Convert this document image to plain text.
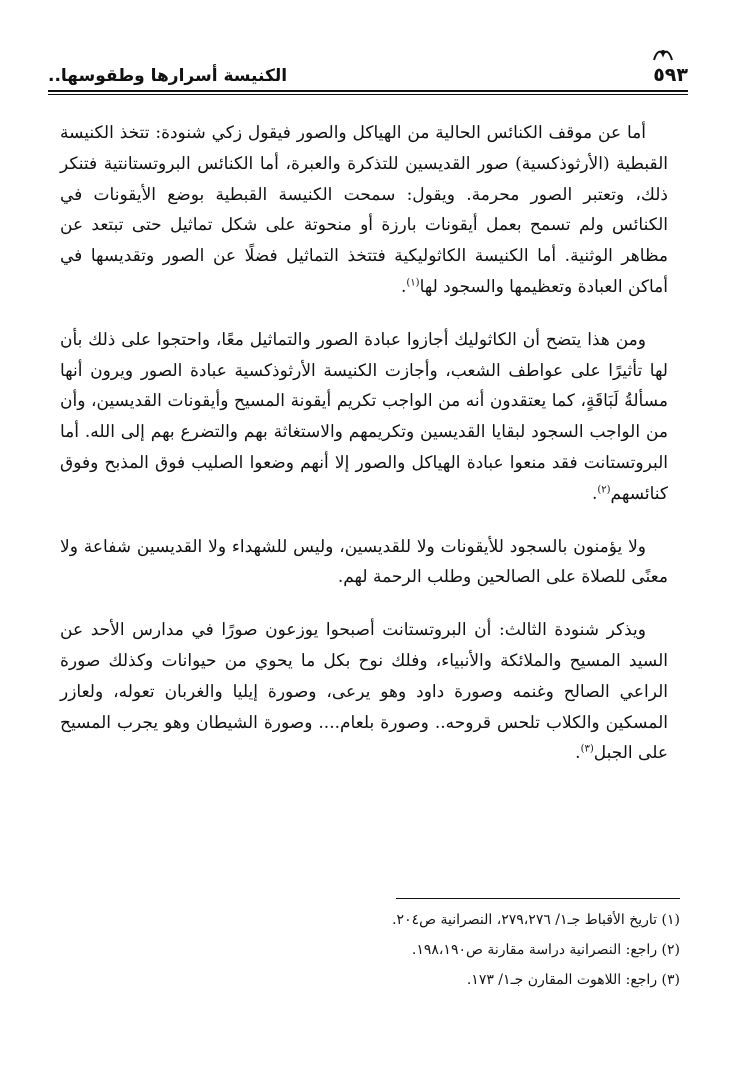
٥٩٣
الكنيسة أسرارها وطقوسها..

أما عن موقف الكنائس الحالية من الهياكل والصور فيقول زكي شنودة: تتخذ الكنيسة القبطية (الأرثوذكسية) صور القديسين للتذكرة والعبرة، أما الكنائس البروتستانتية فتنكر ذلك، وتعتبر الصور محرمة. ويقول: سمحت الكنيسة القبطية بوضع الأيقونات في الكنائس ولم تسمح بعمل أيقونات بارزة أو منحوتة على شكل تماثيل حتى تبتعد عن مظاهر الوثنية. أما الكنيسة الكاثوليكية فتتخذ التماثيل فضلًا عن الصور وتقديسها في أماكن العبادة وتعظيمها والسجود لها$^{(١)}$.

ومن هذا يتضح أن الكاثوليك أجازوا عبادة الصور والتماثيل معًا، واحتجوا على ذلك بأن لها تأثيرًا على عواطف الشعب، وأجازت الكنيسة الأرثوذكسية عبادة الصور ويرون أنها مسألةُ لَبَاقَةٍ، كما يعتقدون أنه من الواجب تكريم أيقونة المسيح وأيقونات القديسين، وأن من الواجب السجود لبقايا القديسين وتكريمهم والاستغاثة بهم والتضرع بهم إلى الله. أما البروتستانت فقد منعوا عبادة الهياكل والصور إلا أنهم وضعوا الصليب فوق المذبح وفوق كنائسهم$^{(٢)}$.

ولا يؤمنون بالسجود للأيقونات ولا للقديسين، وليس للشهداء ولا القديسين شفاعة ولا معنًى للصلاة على الصالحين وطلب الرحمة لهم.

ويذكر شنودة الثالث: أن البروتستانت أصبحوا يوزعون صورًا في مدارس الأحد عن السيد المسيح والملائكة والأنبياء، وفلك نوح بكل ما يحوي من حيوانات وكذلك صورة الراعي الصالح وغنمه وصورة داود وهو يرعى، وصورة إيليا والغربان تعوله، ولعازر المسكين والكلاب تلحس قروحه.. وصورة بلعام.... وصورة الشيطان وهو يجرب المسيح على الجبل$^{(٣)}$.

(١) تاريخ الأقباط جـ١/ ٢٧٩،٢٧٦، النصرانية ص٢٠٤.
(٢) راجع: النصرانية دراسة مقارنة ص١٩٨،١٩٠.
(٣) راجع: اللاهوت المقارن جـ١/ ١٧٣.
